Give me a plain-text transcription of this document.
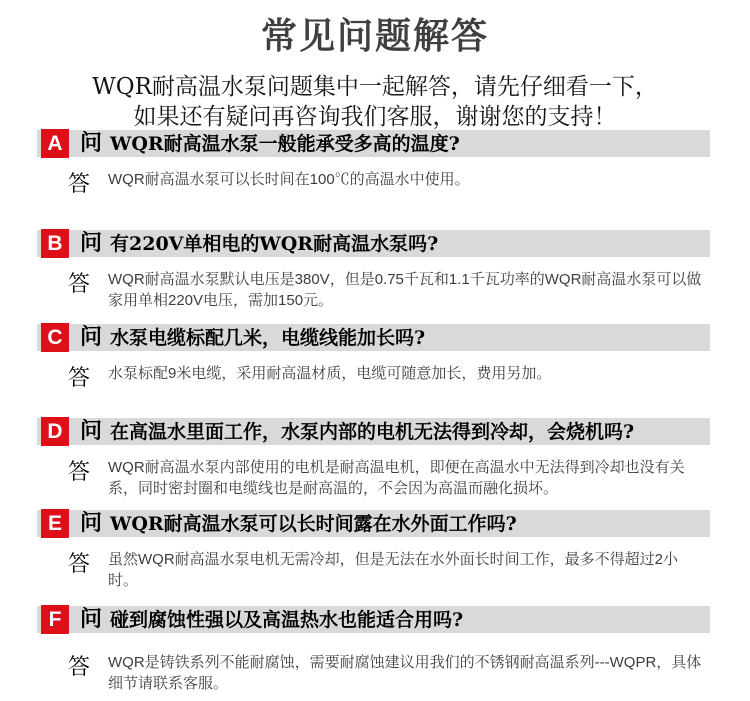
常见问题解答
WQR耐高温水泵问题集中一起解答，请先仔细看一下，
如果还有疑问再咨询我们客服，谢谢您的支持！
A 问 WQR耐高温水泵一般能承受多高的温度?
答 WQR耐高温水泵可以长时间在100℃的高温水中使用。
B 问 有220V单相电的WQR耐高温水泵吗?
答 WQR耐高温水泵默认电压是380V，但是0.75千瓦和1.1千瓦功率的WQR耐高温水泵可以做家用单相220V电压，需加150元。
C 问 水泵电缆标配几米，电缆线能加长吗?
答 水泵标配9米电缆，采用耐高温材质，电缆可随意加长，费用另加。
D 问 在高温水里面工作，水泵内部的电机无法得到冷却，会烧机吗?
答 WQR耐高温水泵内部使用的电机是耐高温电机，即便在高温水中无法得到冷却也没有关系，同时密封圈和电缆线也是耐高温的，不会因为高温而融化损坏。
E 问 WQR耐高温水泵可以长时间露在水外面工作吗?
答 虽然WQR耐高温水泵电机无需冷却，但是无法在水外面长时间工作，最多不得超过2小时。
F 问 碰到腐蚀性强以及高温热水也能适合用吗?
答 WQR是铸铁系列不能耐腐蚀，需要耐腐蚀建议用我们的不锈钢耐高温系列---WQPR，具体细节请联系客服。
